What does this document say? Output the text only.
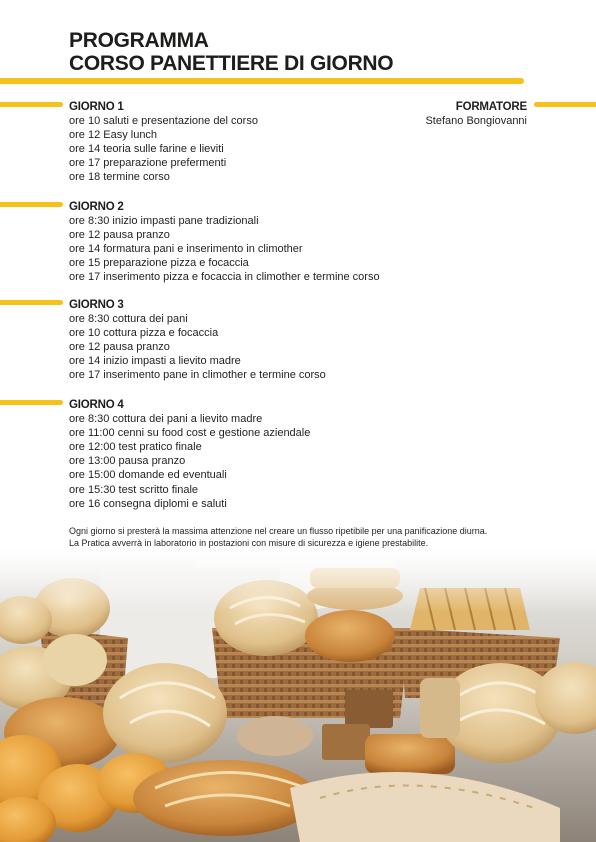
PROGRAMMA
CORSO PANETTIERE DI GIORNO
FORMATORE
Stefano Bongiovanni
GIORNO 1
ore 10 saluti e presentazione del corso
ore 12 Easy lunch
ore 14 teoria sulle farine e lieviti
ore 17 preparazione prefermenti
ore 18 termine corso
GIORNO 2
ore 8:30 inizio impasti pane tradizionali
ore 12 pausa pranzo
ore 14 formatura pani e inserimento in climother
ore 15 preparazione pizza e focaccia
ore 17 inserimento pizza e focaccia in climother e termine corso
GIORNO 3
ore 8:30 cottura dei pani
ore 10 cottura pizza e focaccia
ore 12 pausa pranzo
ore 14 inizio impasti a lievito madre
ore 17 inserimento pane in climother e termine corso
GIORNO 4
ore 8:30 cottura dei pani a lievito madre
ore 11:00 cenni su food cost e gestione aziendale
ore 12:00 test pratico finale
ore 13:00 pausa pranzo
ore 15:00 domande ed eventuali
ore 15:30 test scritto finale
ore 16 consegna diplomi e saluti
Ogni giorno si presterà la massima attenzione nel creare un flusso ripetibile per una panificazione diurna.
La Pratica avverrà in laboratorio in postazioni con misure di sicurezza e igiene prestabilite.
